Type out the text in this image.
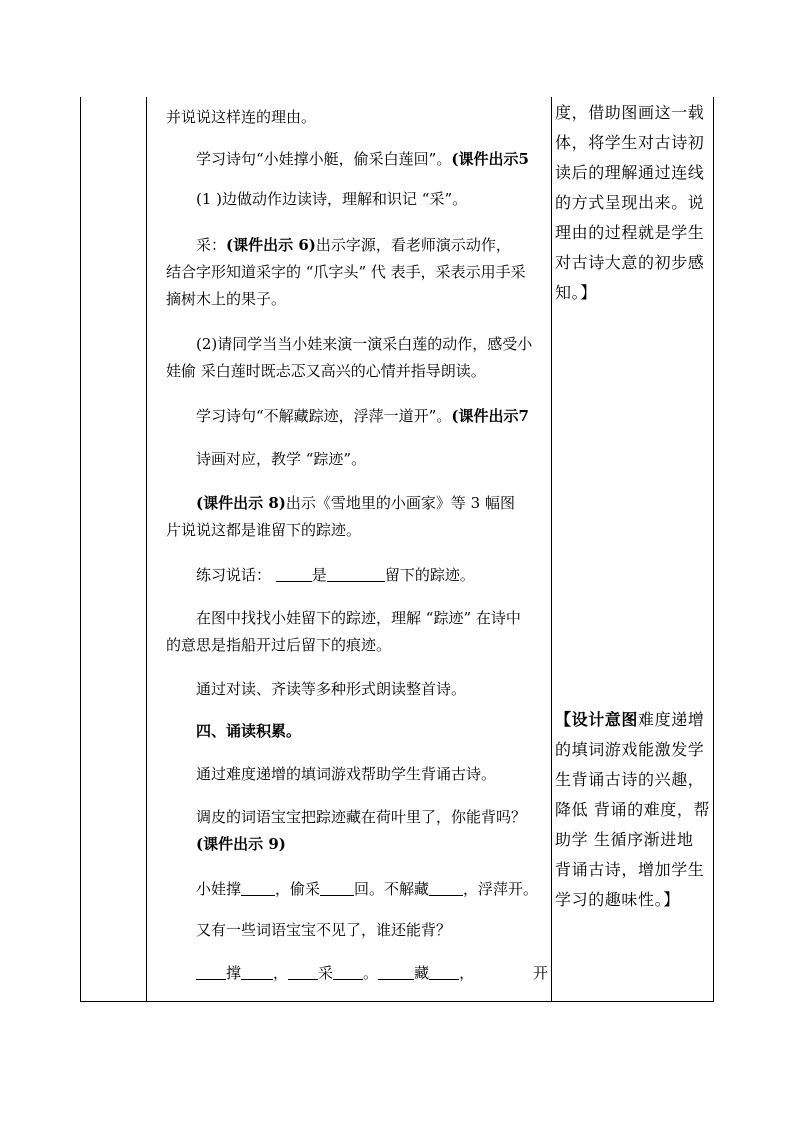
并说说这样连的理由。
学习诗句“小娃撑小艇，偷采白莲回”。(课件出示5
(1 )边做动作边读诗，理解和识记 “采”。
采：(课件出示 6)出示字源，看老师演示动作，
结合字形知道采字的 “爪字头” 代 表手，采表示用手采
摘树木上的果子。
(2)请同学当当小娃来演一演采白莲的动作，感受小
娃偷 采白莲时既忐忑又高兴的心情并指导朗读。
学习诗句“不解藏踪迹，浮萍一道开”。(课件出示7
诗画对应，教学 “踪迹”。
(课件出示 8)出示《雪地里的小画家》等 3 幅图
片说说这都是谁留下的踪迹。
练习说话：	是	留下的踪迹。
在图中找找小娃留下的踪迹，理解 “踪迹” 在诗中
的意思是指船开过后留下的痕迹。
通过对读、齐读等多种形式朗读整首诗。
四、诵读积累。
通过难度递增的填词游戏帮助学生背诵古诗。
调皮的词语宝宝把踪迹藏在荷叶里了，你能背吗？
(课件出示 9)
小娃撑 ，偷采 回。不解藏 ，浮萍开。
又有一些词语宝宝不见了，谁还能背？
撑 ， 采 。 藏 ，	开
度，借助图画这一载
体，将学生对古诗初
读后的理解通过连线
的方式呈现出来。说
理由的过程就是学生
对古诗大意的初步感
知。】
【设计意图难度递增
的填词游戏能激发学
生背诵古诗的兴趣，
降低 背诵的难度，帮
助学 生循序渐进地
背诵古诗，增加学生
学习的趣味性。】
